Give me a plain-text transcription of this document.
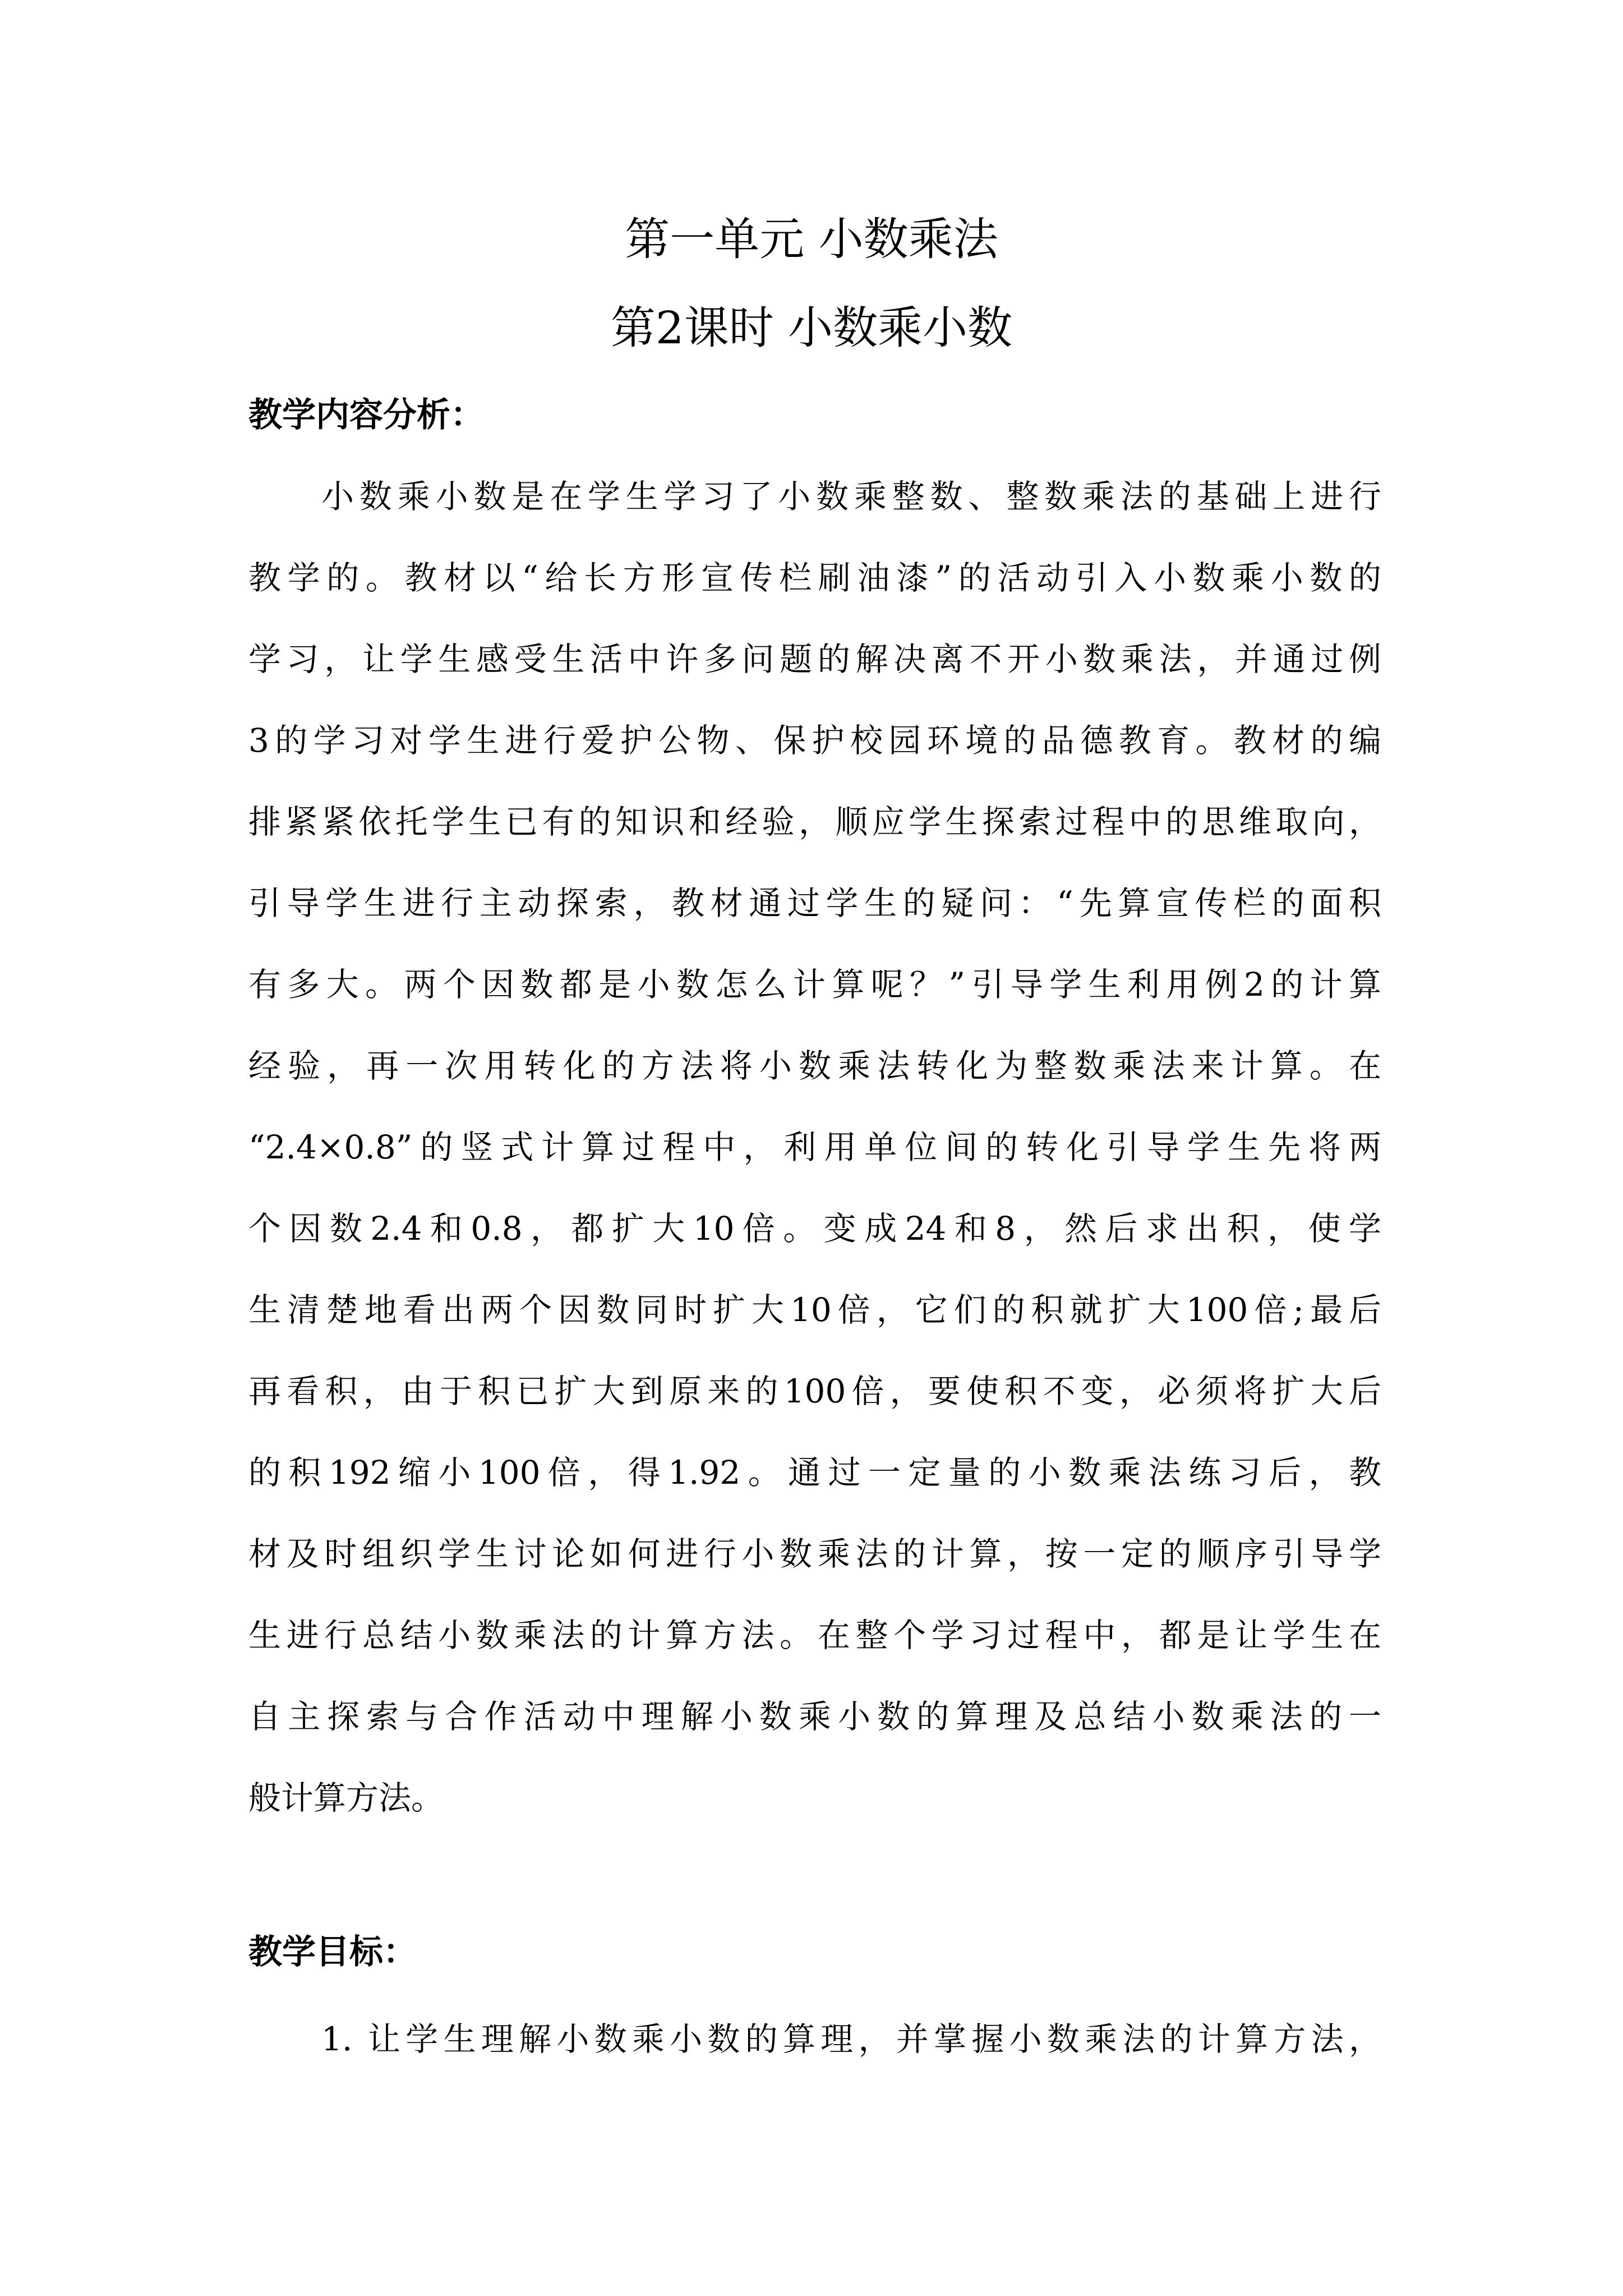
第一单元 小数乘法
第2课时 小数乘小数
教学内容分析：
小数乘小数是在学生学习了小数乘整数、整数乘法的基础上进行
教学的。教材以“给长方形宣传栏刷油漆”的活动引入小数乘小数的
学习，让学生感受生活中许多问题的解决离不开小数乘法，并通过例
3的学习对学生进行爱护公物、保护校园环境的品德教育。教材的编
排紧紧依托学生已有的知识和经验，顺应学生探索过程中的思维取向，
引导学生进行主动探索，教材通过学生的疑问：“先算宣传栏的面积
有多大。两个因数都是小数怎么计算呢？”引导学生利用例2的计算
经验，再一次用转化的方法将小数乘法转化为整数乘法来计算。在
“2.4×0.8”的竖式计算过程中，利用单位间的转化引导学生先将两
个因数2.4和0.8，都扩大10倍。变成24和8，然后求出积，使学
生清楚地看出两个因数同时扩大10倍，它们的积就扩大100倍;最后
再看积，由于积已扩大到原来的100倍，要使积不变，必须将扩大后
的积192缩小100倍，得1.92。通过一定量的小数乘法练习后，教
材及时组织学生讨论如何进行小数乘法的计算，按一定的顺序引导学
生进行总结小数乘法的计算方法。在整个学习过程中，都是让学生在
自主探索与合作活动中理解小数乘小数的算理及总结小数乘法的一
般计算方法。
教学目标：
1. 让学生理解小数乘小数的算理，并掌握小数乘法的计算方法，
